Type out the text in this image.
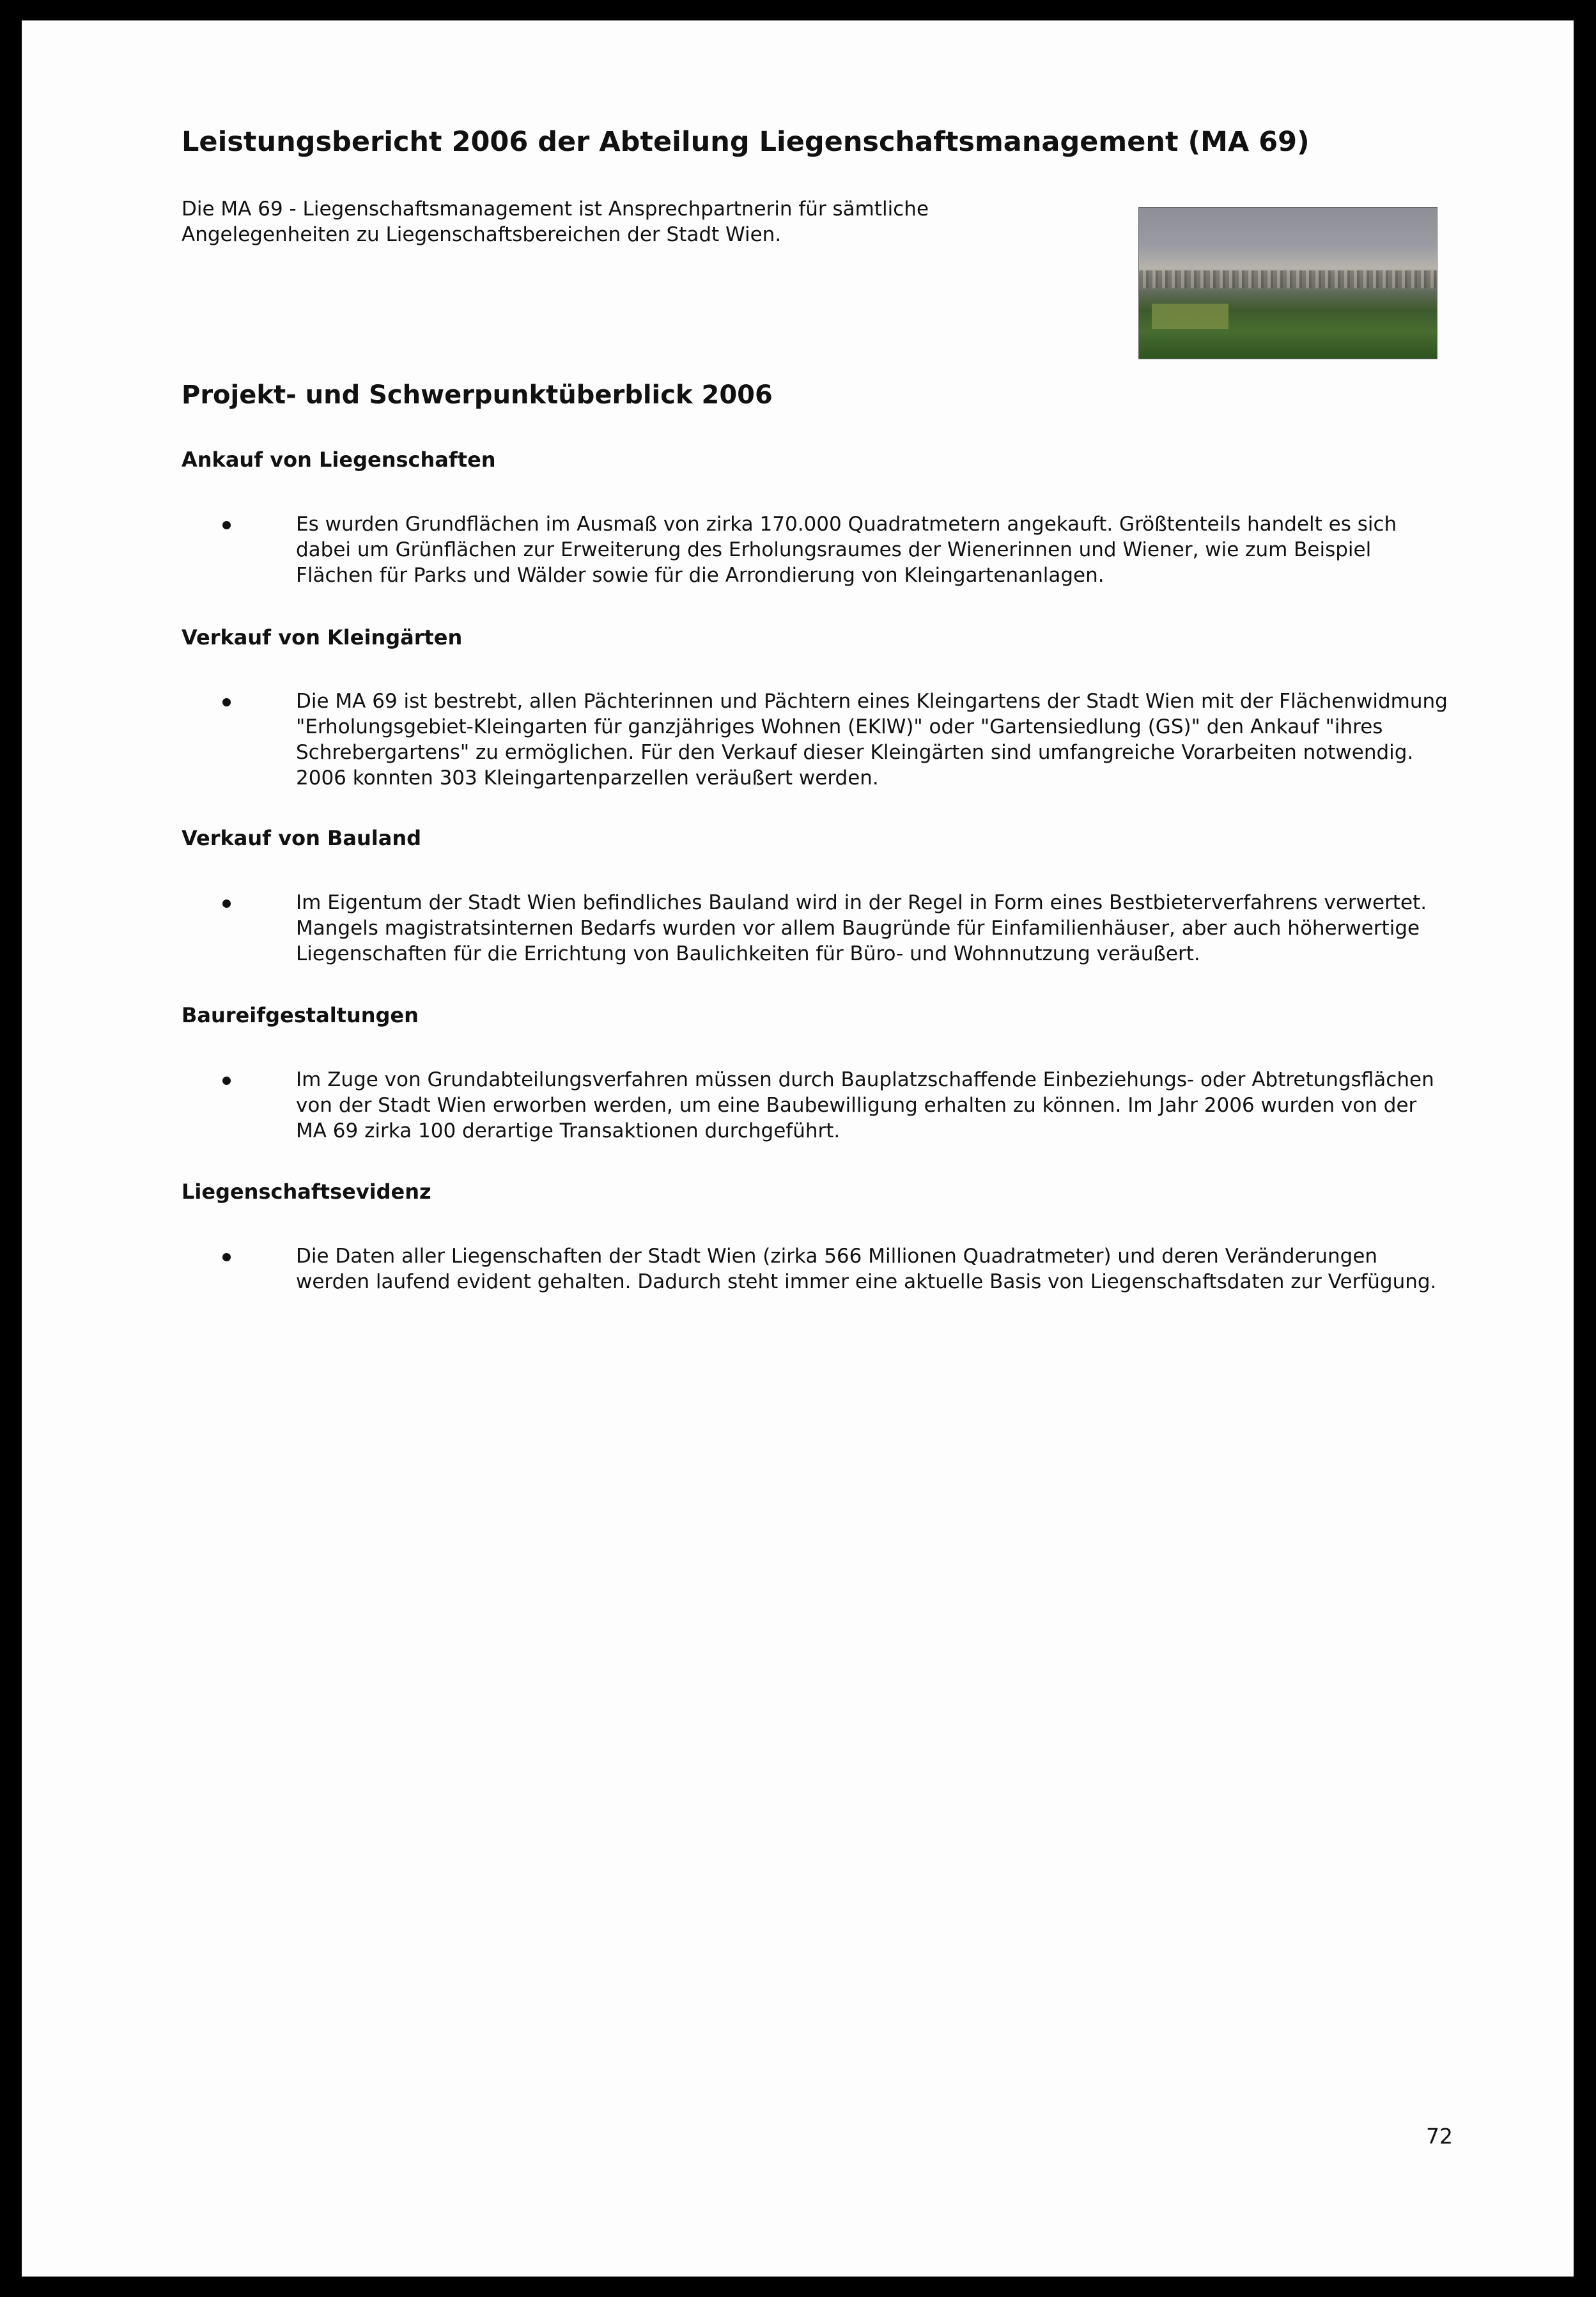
Leistungsbericht 2006 der Abteilung Liegenschaftsmanagement (MA 69)

Die MA 69 - Liegenschaftsmanagement ist Ansprechpartnerin für sämtliche
Angelegenheiten zu Liegenschaftsbereichen der Stadt Wien.

Projekt- und Schwerpunktüberblick 2006
Ankauf von Liegenschaften
Es wurden Grundflächen im Ausmaß von zirka 170.000 Quadratmetern angekauft. Größtenteils handelt es sich
dabei um Grünflächen zur Erweiterung des Erholungsraumes der Wienerinnen und Wiener, wie zum Beispiel
Flächen für Parks und Wälder sowie für die Arrondierung von Kleingartenanlagen.
Verkauf von Kleingärten
Die MA 69 ist bestrebt, allen Pächterinnen und Pächtern eines Kleingartens der Stadt Wien mit der Flächenwidmung
"Erholungsgebiet-Kleingarten für ganzjähriges Wohnen (EKlW)" oder "Gartensiedlung (GS)" den Ankauf "ihres
Schrebergartens" zu ermöglichen. Für den Verkauf dieser Kleingärten sind umfangreiche Vorarbeiten notwendig.
2006 konnten 303 Kleingartenparzellen veräußert werden.
Verkauf von Bauland
Im Eigentum der Stadt Wien befindliches Bauland wird in der Regel in Form eines Bestbieterverfahrens verwertet.
Mangels magistratsinternen Bedarfs wurden vor allem Baugründe für Einfamilienhäuser, aber auch höherwertige
Liegenschaften für die Errichtung von Baulichkeiten für Büro- und Wohnnutzung veräußert.
Baureifgestaltungen
Im Zuge von Grundabteilungsverfahren müssen durch Bauplatzschaffende Einbeziehungs- oder Abtretungsflächen
von der Stadt Wien erworben werden, um eine Baubewilligung erhalten zu können. Im Jahr 2006 wurden von der
MA 69 zirka 100 derartige Transaktionen durchgeführt.
Liegenschaftsevidenz
Die Daten aller Liegenschaften der Stadt Wien (zirka 566 Millionen Quadratmeter) und deren Veränderungen
werden laufend evident gehalten. Dadurch steht immer eine aktuelle Basis von Liegenschaftsdaten zur Verfügung.

72
